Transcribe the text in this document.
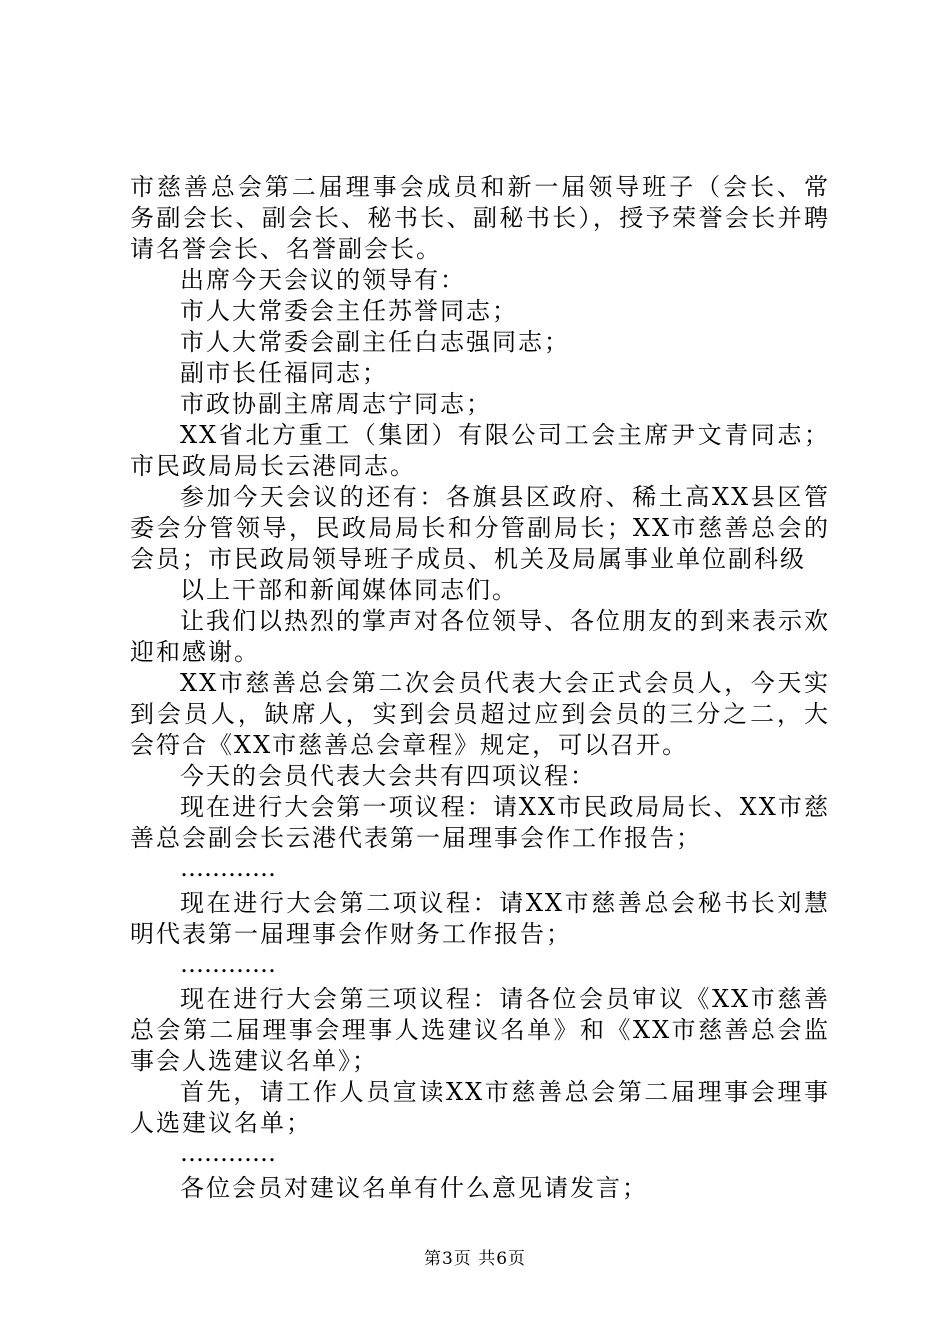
市慈善总会第二届理事会成员和新一届领导班子（会长、常务副会长、副会长、秘书长、副秘书长），授予荣誉会长并聘请名誉会长、名誉副会长。

出席今天会议的领导有：

市人大常委会主任苏誉同志；

市人大常委会副主任白志强同志；

副市长任福同志；

市政协副主席周志宁同志；

XX省北方重工（集团）有限公司工会主席尹文青同志；市民政局局长云港同志。

参加今天会议的还有：各旗县区政府、稀土高XX县区管委会分管领导，民政局局长和分管副局长；XX市慈善总会的会员；市民政局领导班子成员、机关及局属事业单位副科级

以上干部和新闻媒体同志们。

让我们以热烈的掌声对各位领导、各位朋友的到来表示欢迎和感谢。

XX市慈善总会第二次会员代表大会正式会员人，今天实到会员人，缺席人，实到会员超过应到会员的三分之二，大会符合《XX市慈善总会章程》规定，可以召开。

今天的会员代表大会共有四项议程：

现在进行大会第一项议程：请XX市民政局局长、XX市慈善总会副会长云港代表第一届理事会作工作报告；

…………

现在进行大会第二项议程：请XX市慈善总会秘书长刘慧明代表第一届理事会作财务工作报告；

…………

现在进行大会第三项议程：请各位会员审议《XX市慈善总会第二届理事会理事人选建议名单》和《XX市慈善总会监事会人选建议名单》；

首先，请工作人员宣读XX市慈善总会第二届理事会理事人选建议名单；

…………

各位会员对建议名单有什么意见请发言；

第3页 共6页
